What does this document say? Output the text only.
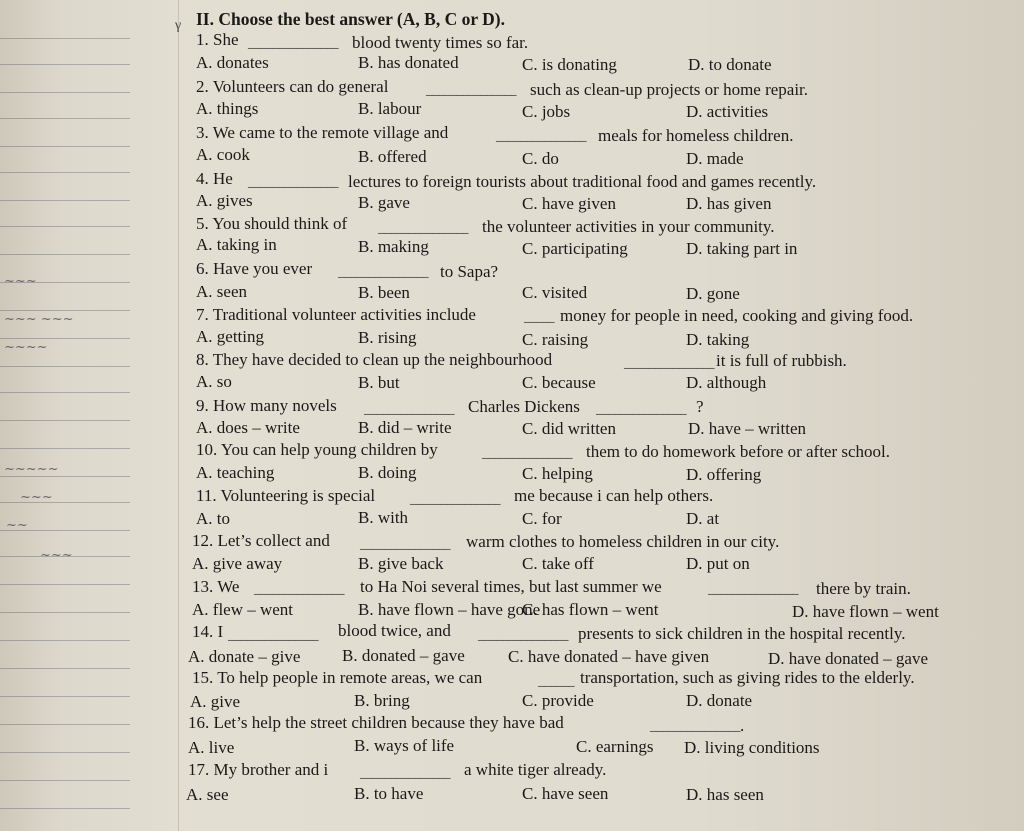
~~~
~~~ ~~~
~~~~
~~~~~
~~~
~~
~~~
γ II. Choose the best answer (A, B, C or D).
1. She _______________ blood twenty times so far.
A. donates	B. has donated	C. is donating	D. to donate
2. Volunteers can do general	_______________ such as clean-up projects or home repair.
A. things	B. labour	C. jobs	D. activities
3. We came to the remote village and	_______________ meals for homeless children.
A. cook	B. offered	C. do	D. made
4. He _______________ lectures to foreign tourists about traditional food and games recently.
A. gives	B. gave	C. have given	D. has given
5. You should think of _______________ the volunteer activities in your community.
A. taking in	B. making	C. participating	D. taking part in
6. Have you ever _______________ to Sapa?
A. seen	B. been	C. visited	D. gone
7. Traditional volunteer activities include	_____ money for people in need, cooking and giving food.
A. getting	B. rising	C. raising	D. taking
8. They have decided to clean up the neighbourhood	_______________ it is full of rubbish.
A. so	B. but	C. because	D. although
9. How many novels _______________ Charles Dickens _______________ ?
A. does – write	B. did – write	C. did written	D. have – written
10. You can help young children by	_______________ them to do homework before or after school.
A. teaching	B. doing	C. helping	D. offering
11. Volunteering is special	_______________ me because i can help others.
A. to	B. with	C. for	D. at
12. Let’s collect and _______________ warm clothes to homeless children in our city.
A. give away	B. give back	C. take off	D. put on
13. We _______________ to Ha Noi several times, but last summer we	_______________ there by train.
A. flew – went	B. have flown – have gone
C. has flown – went	D. have flown – went
14. I _______________ blood twice, and _______________ presents to sick children in the hospital recently.
A. donate – give B. donated – gave	C. have donated – have given	D. have donated – gave
15. To help people in remote areas, we can	______ transportation, such as giving rides to the elderly.
A. give	B. bring	C. provide	D. donate
16. Let’s help the street children because they have bad	_______________ .
A. live	B. ways of life	C. earnings D. living conditions
17. My brother and i _______________ a white tiger already.
A. see	B. to have	C. have seen	D. has seen
